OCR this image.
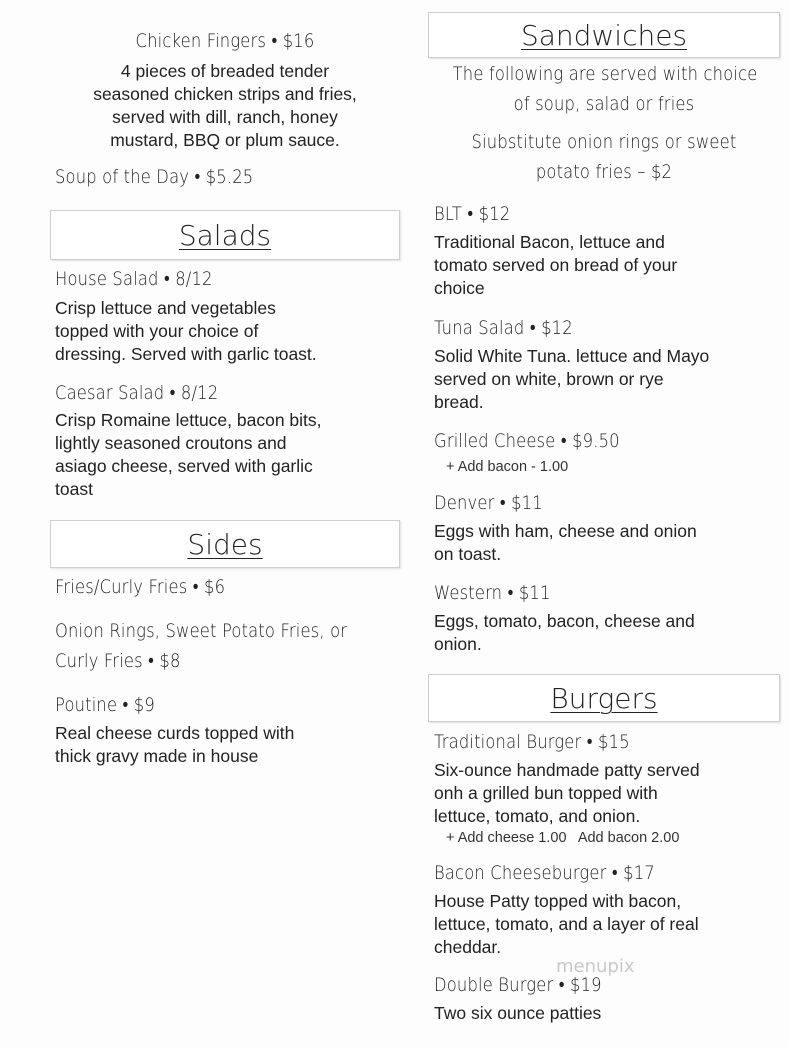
Chicken Fingers • $16
4 pieces of breaded tender
seasoned chicken strips and fries,
served with dill, ranch, honey
mustard, BBQ or plum sauce.
Soup of the Day • $5.25
Salads
House Salad • 8/12
Crisp lettuce and vegetables
topped with your choice of
dressing. Served with garlic toast.
Caesar Salad • 8/12
Crisp Romaine lettuce, bacon bits,
lightly seasoned croutons and
asiago cheese, served with garlic
toast
Sides
Fries/Curly Fries • $6
Onion Rings, Sweet Potato Fries, or
Curly Fries • $8
Poutine • $9
Real cheese curds topped with
thick gravy made in house
Sandwiches
The following are served with choice
of soup, salad or fries
Siubstitute onion rings or sweet
potato fries – $2
BLT • $12
Traditional Bacon, lettuce and
tomato served on bread of your
choice
Tuna Salad • $12
Solid White Tuna. lettuce and Mayo
served on white, brown or rye
bread.
Grilled Cheese • $9.50
+ Add bacon - 1.00
Denver • $11
Eggs with ham, cheese and onion
on toast.
Western • $11
Eggs, tomato, bacon, cheese and
onion.
Burgers
Traditional Burger • $15
Six-ounce handmade patty served
onh a grilled bun topped with
lettuce, tomato, and onion.
+ Add cheese 1.00   Add bacon 2.00
Bacon Cheeseburger • $17
House Patty topped with bacon,
lettuce, tomato, and a layer of real
cheddar.
Double Burger • $19
Two six ounce patties
menupix
